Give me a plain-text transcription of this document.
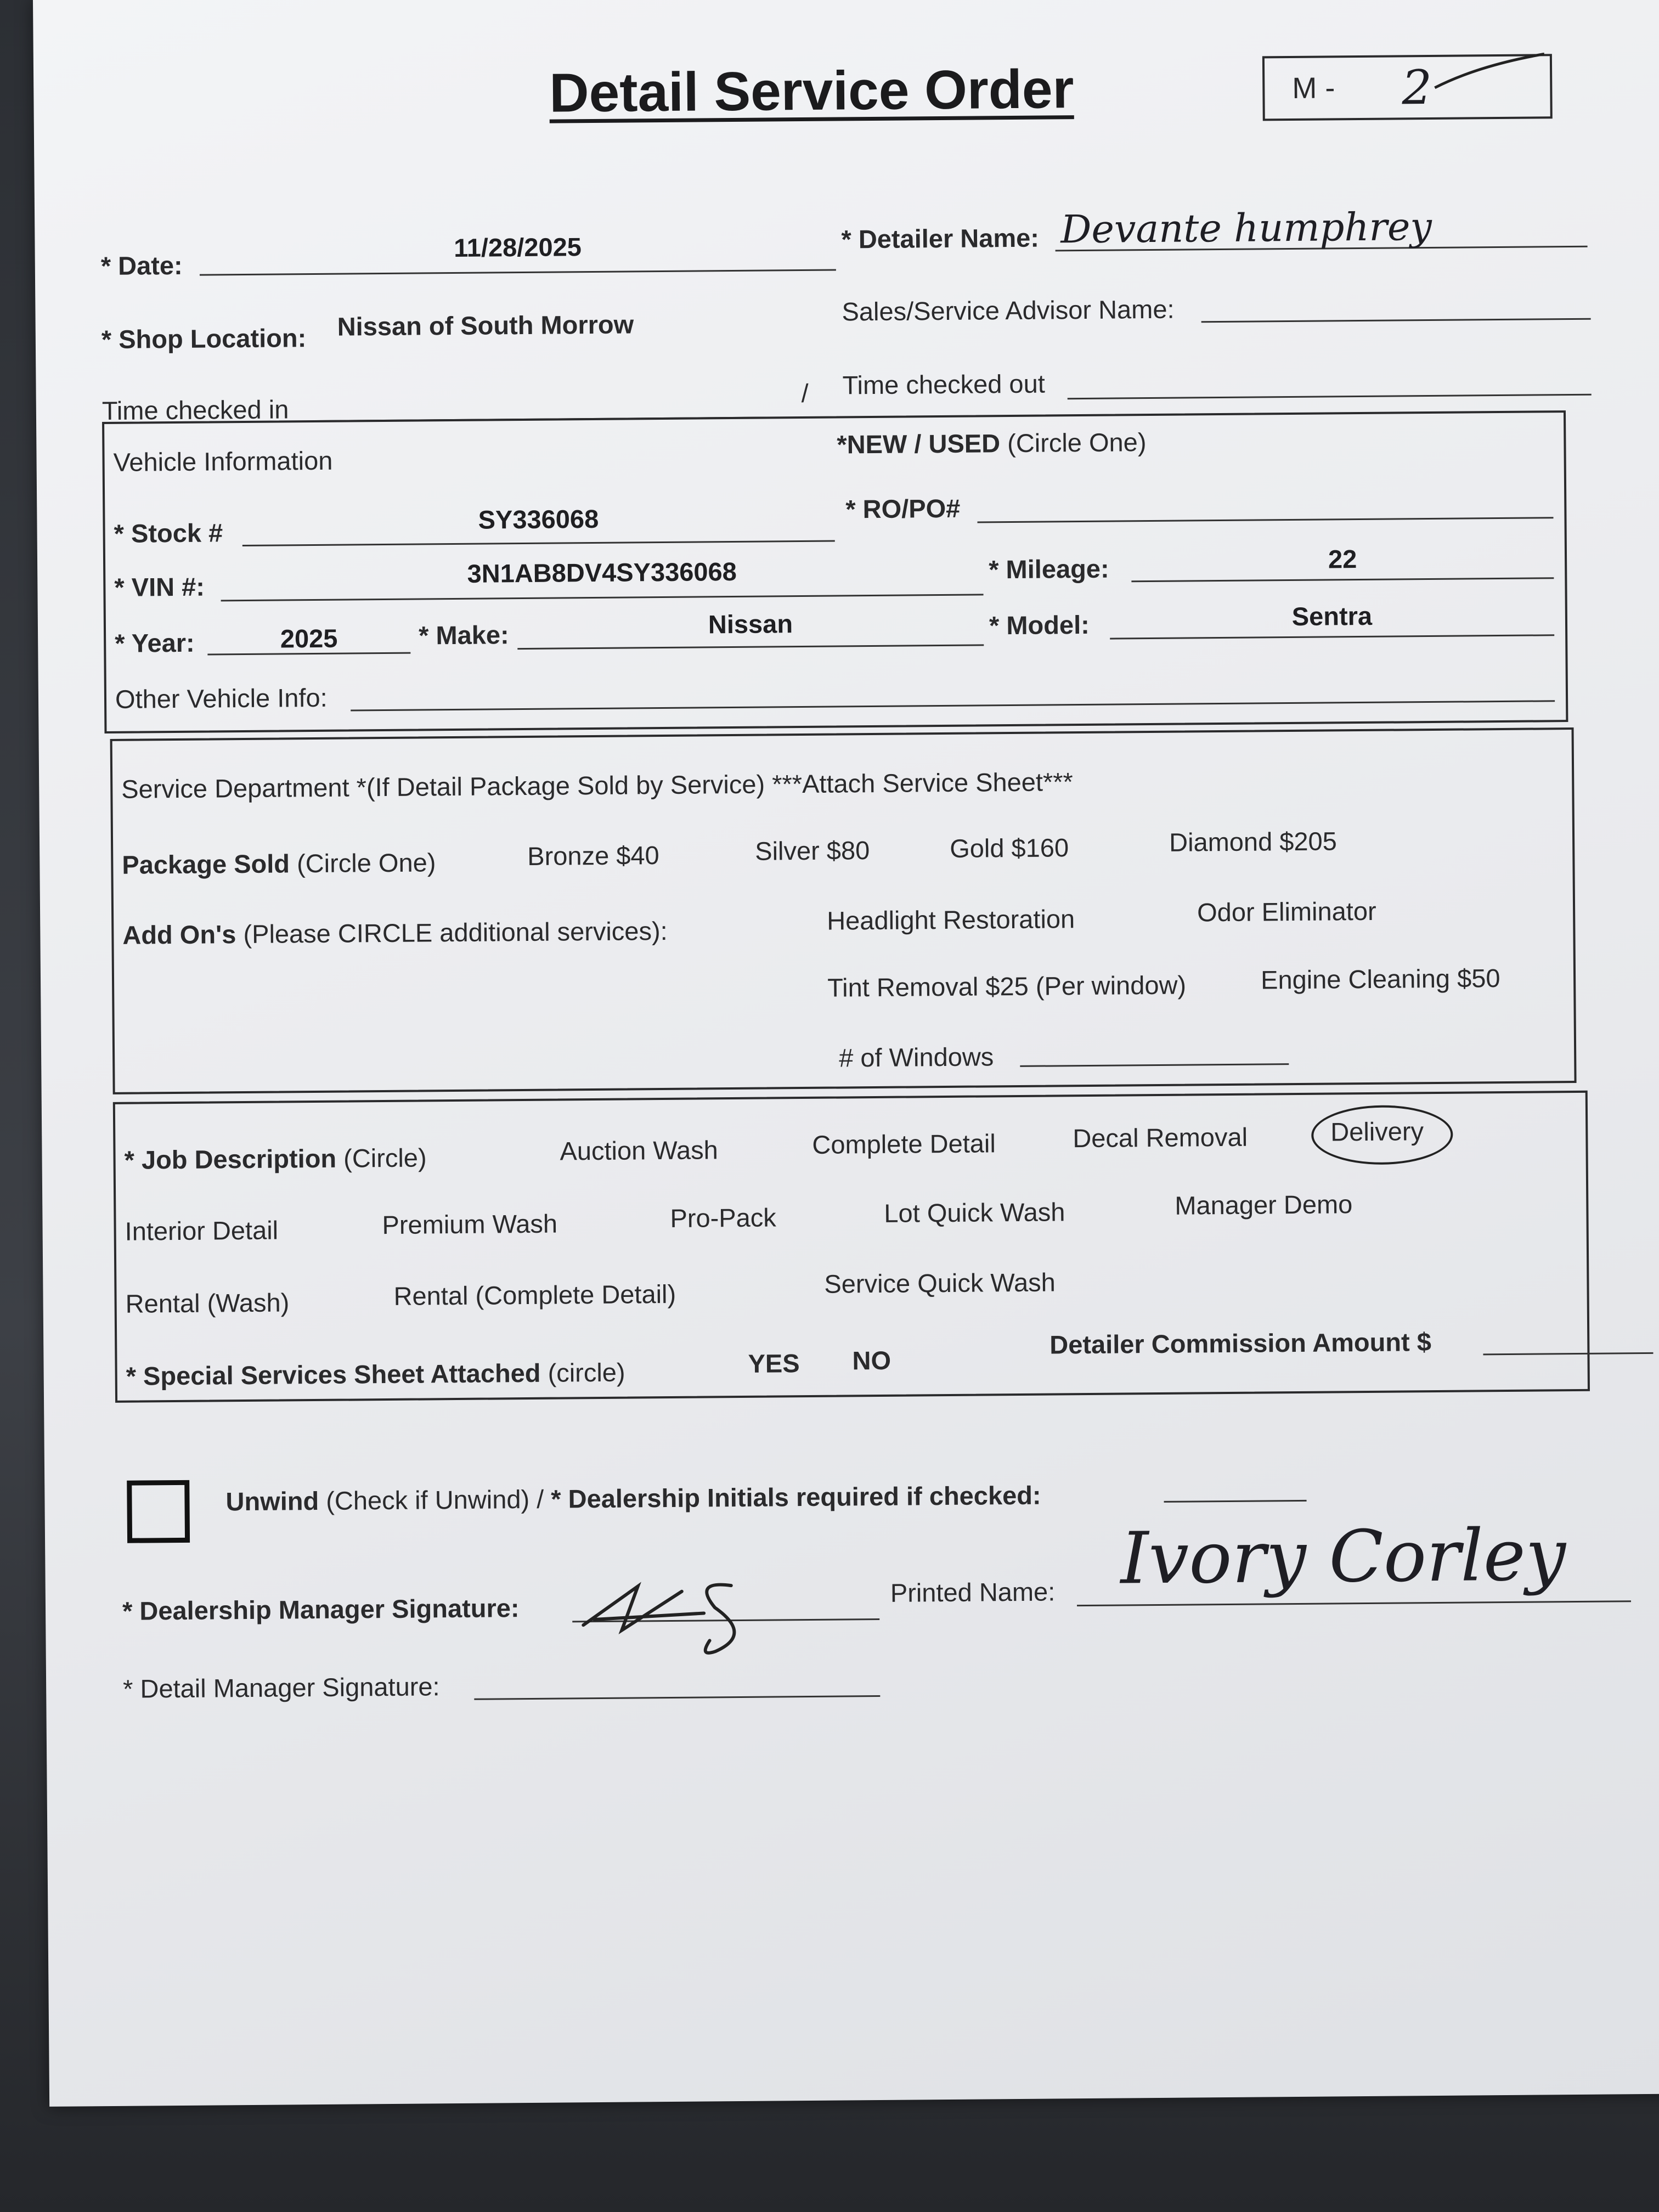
Detail Service Order	M - 2
* Date:
11/28/2025	* Detailer Name: Devante humphrey
* Shop Location: Nissan of South Morrow	Sales/Service Advisor Name:
Time checked in
/ Time checked out
Vehicle Information
*NEW / USED (Circle One)
* Stock #	SY336068	* RO/PO#
* VIN #:	3N1AB8DV4SY336068	* Mileage:	22
* Year:	2025	* Make:	Nissan	* Model:	Sentra
Other Vehicle Info:
Service Department *(If Detail Package Sold by Service) ***Attach Service Sheet***
Package Sold (Circle One)	Bronze $40	Silver $80	Gold $160	Diamond $205
Add On's (Please CIRCLE additional services):	Headlight Restoration	Odor Eliminator
Tint Removal $25 (Per window)	Engine Cleaning $50
# of Windows
* Job Description (Circle)	Auction Wash	Complete Detail	Decal Removal	Delivery
Interior Detail	Premium Wash	Pro-Pack	Lot Quick Wash	Manager Demo
Rental (Wash)	Rental (Complete Detail)	Service Quick Wash
* Special Services Sheet Attached (circle)	YES NO
Detailer Commission Amount $
Unwind (Check if Unwind) / * Dealership Initials required if checked:
* Dealership Manager Signature:
Printed Name: Ivory Corley
* Detail Manager Signature:
